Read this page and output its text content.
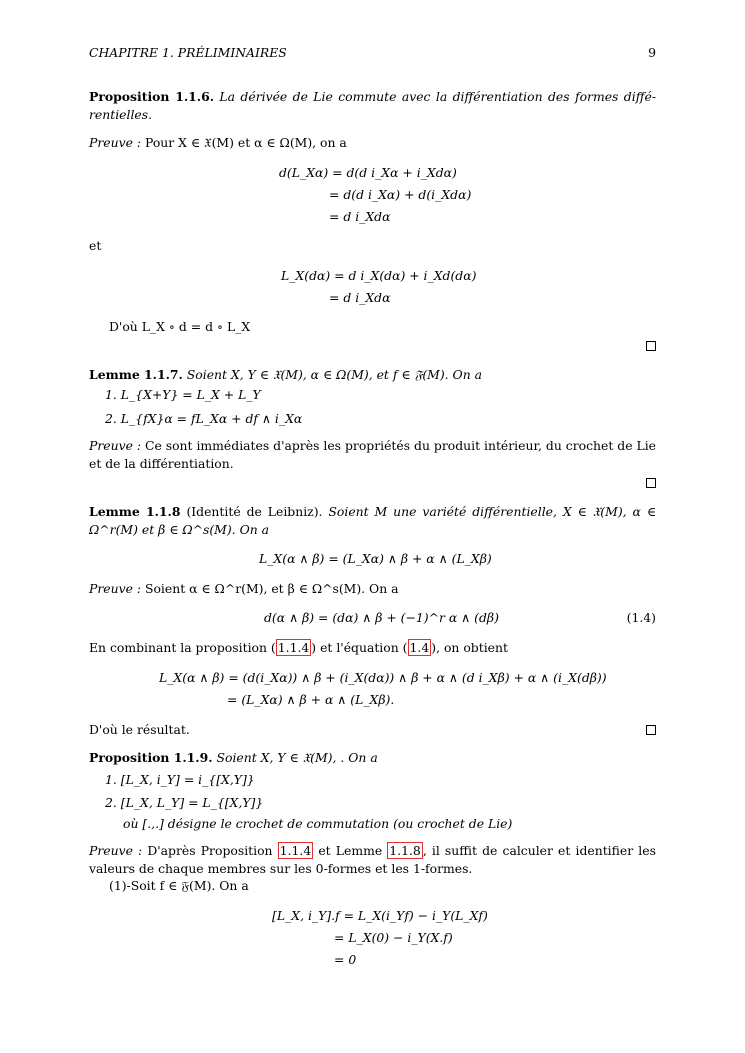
CHAPITRE 1. PRÉLIMINAIRES	9
Proposition 1.1.6. La dérivée de Lie commute avec la différentiation des formes diffé-rentielles.
Preuve : Pour X ∈ 𝔛(M) et α ∈ Ω(M), on a
d(L_Xα) = d(d i_Xα + i_Xdα)
= d(d i_Xα) + d(i_Xdα)
= d i_Xdα
et
L_X(dα) = d i_X(dα) + i_Xd(dα)
= d i_Xdα
D'où L_X ∘ d = d ∘ L_X
Lemme 1.1.7. Soient X, Y ∈ 𝔛(M), α ∈ Ω(M), et f ∈ 𝔉(M). On a
1. L_{X+Y} = L_X + L_Y
2. L_{fX}α = fL_Xα + df ∧ i_Xα
Preuve : Ce sont immédiates d'après les propriétés du produit intérieur, du crochet de Lie et de la différentiation.
Lemme 1.1.8 (Identité de Leibniz). Soient M une variété différentielle, X ∈ 𝔛(M), α ∈ Ω^r(M) et β ∈ Ω^s(M). On a
L_X(α ∧ β) = (L_Xα) ∧ β + α ∧ (L_Xβ)
Preuve : Soient α ∈ Ω^r(M), et β ∈ Ω^s(M). On a
d(α ∧ β) = (dα) ∧ β + (−1)^r α ∧ (dβ)	(1.4)
En combinant la proposition ( 1.1.4 ) et l'équation ( 1.4 ), on obtient
L_X(α ∧ β) = (d(i_Xα)) ∧ β + (i_X(dα)) ∧ β + α ∧ (d i_Xβ) + α ∧ (i_X(dβ))
= (L_Xα) ∧ β + α ∧ (L_Xβ).
D'où le résultat.
Proposition 1.1.9. Soient X, Y ∈ 𝔛(M), . On a
1. [L_X, i_Y] = i_{[X,Y]}
2. [L_X, L_Y] = L_{[X,Y]}
où [.,.] désigne le crochet de commutation (ou crochet de Lie)
Preuve : D'après Proposition 1.1.4 et Lemme 1.1.8 , il suffit de calculer et identifier les valeurs de chaque membres sur les 0-formes et les 1-formes.
(1)-Soit f ∈ 𝔉(M). On a
[L_X, i_Y].f = L_X(i_Yf) − i_Y(L_Xf)
= L_X(0) − i_Y(X.f)
= 0
